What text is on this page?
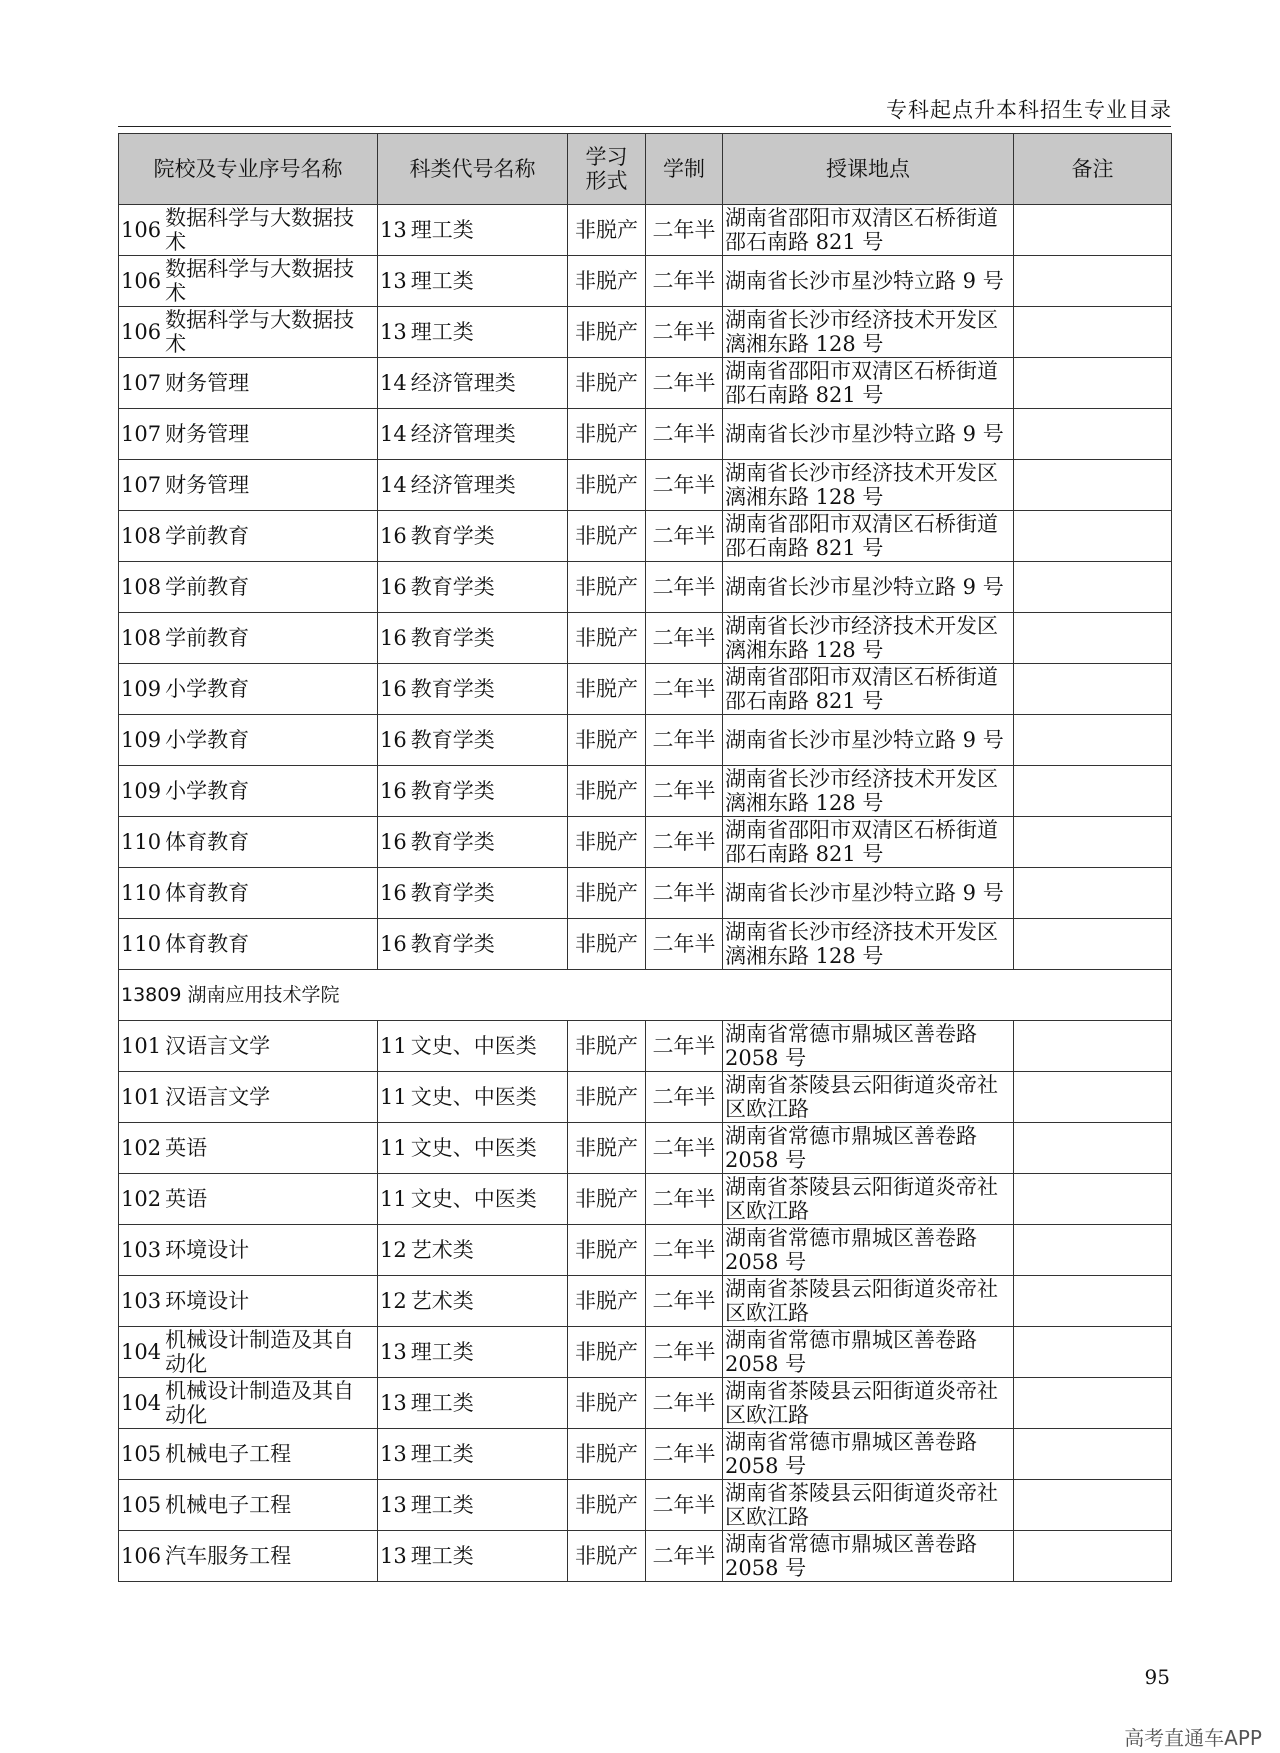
专科起点升本科招生专业目录
院校及专业序号名称	科类代号名称	学习
形式	学制	授课地点	备注

106 数据科学与大数据技术	13 理工类	非脱产	二年半	湖南省邵阳市双清区石桥街道邵石南路 821 号	

106 数据科学与大数据技术	13 理工类	非脱产	二年半	湖南省长沙市星沙特立路 9 号	

106 数据科学与大数据技术	13 理工类	非脱产	二年半	湖南省长沙市经济技术开发区漓湘东路 128 号	

107 财务管理	14 经济管理类	非脱产	二年半	湖南省邵阳市双清区石桥街道邵石南路 821 号	

107 财务管理	14 经济管理类	非脱产	二年半	湖南省长沙市星沙特立路 9 号	

107 财务管理	14 经济管理类	非脱产	二年半	湖南省长沙市经济技术开发区漓湘东路 128 号	

108 学前教育	16 教育学类	非脱产	二年半	湖南省邵阳市双清区石桥街道邵石南路 821 号	

108 学前教育	16 教育学类	非脱产	二年半	湖南省长沙市星沙特立路 9 号	

108 学前教育	16 教育学类	非脱产	二年半	湖南省长沙市经济技术开发区漓湘东路 128 号	

109 小学教育	16 教育学类	非脱产	二年半	湖南省邵阳市双清区石桥街道邵石南路 821 号	

109 小学教育	16 教育学类	非脱产	二年半	湖南省长沙市星沙特立路 9 号	

109 小学教育	16 教育学类	非脱产	二年半	湖南省长沙市经济技术开发区漓湘东路 128 号	

110 体育教育	16 教育学类	非脱产	二年半	湖南省邵阳市双清区石桥街道邵石南路 821 号	

110 体育教育	16 教育学类	非脱产	二年半	湖南省长沙市星沙特立路 9 号	

110 体育教育	16 教育学类	非脱产	二年半	湖南省长沙市经济技术开发区漓湘东路 128 号	
13809 湖南应用技术学院					

101 汉语言文学	11 文史、中医类	非脱产	二年半	湖南省常德市鼎城区善卷路 2058 号	

101 汉语言文学	11 文史、中医类	非脱产	二年半	湖南省茶陵县云阳街道炎帝社区欧江路	

102 英语	11 文史、中医类	非脱产	二年半	湖南省常德市鼎城区善卷路 2058 号	

102 英语	11 文史、中医类	非脱产	二年半	湖南省茶陵县云阳街道炎帝社区欧江路	

103 环境设计	12 艺术类	非脱产	二年半	湖南省常德市鼎城区善卷路 2058 号	

103 环境设计	12 艺术类	非脱产	二年半	湖南省茶陵县云阳街道炎帝社区欧江路	

104 机械设计制造及其自动化	13 理工类	非脱产	二年半	湖南省常德市鼎城区善卷路 2058 号	

104 机械设计制造及其自动化	13 理工类	非脱产	二年半	湖南省茶陵县云阳街道炎帝社区欧江路	

105 机械电子工程	13 理工类	非脱产	二年半	湖南省常德市鼎城区善卷路 2058 号	

105 机械电子工程	13 理工类	非脱产	二年半	湖南省茶陵县云阳街道炎帝社区欧江路	

106 汽车服务工程	13 理工类	非脱产	二年半	湖南省常德市鼎城区善卷路 2058 号	
95
高考直通车APP
